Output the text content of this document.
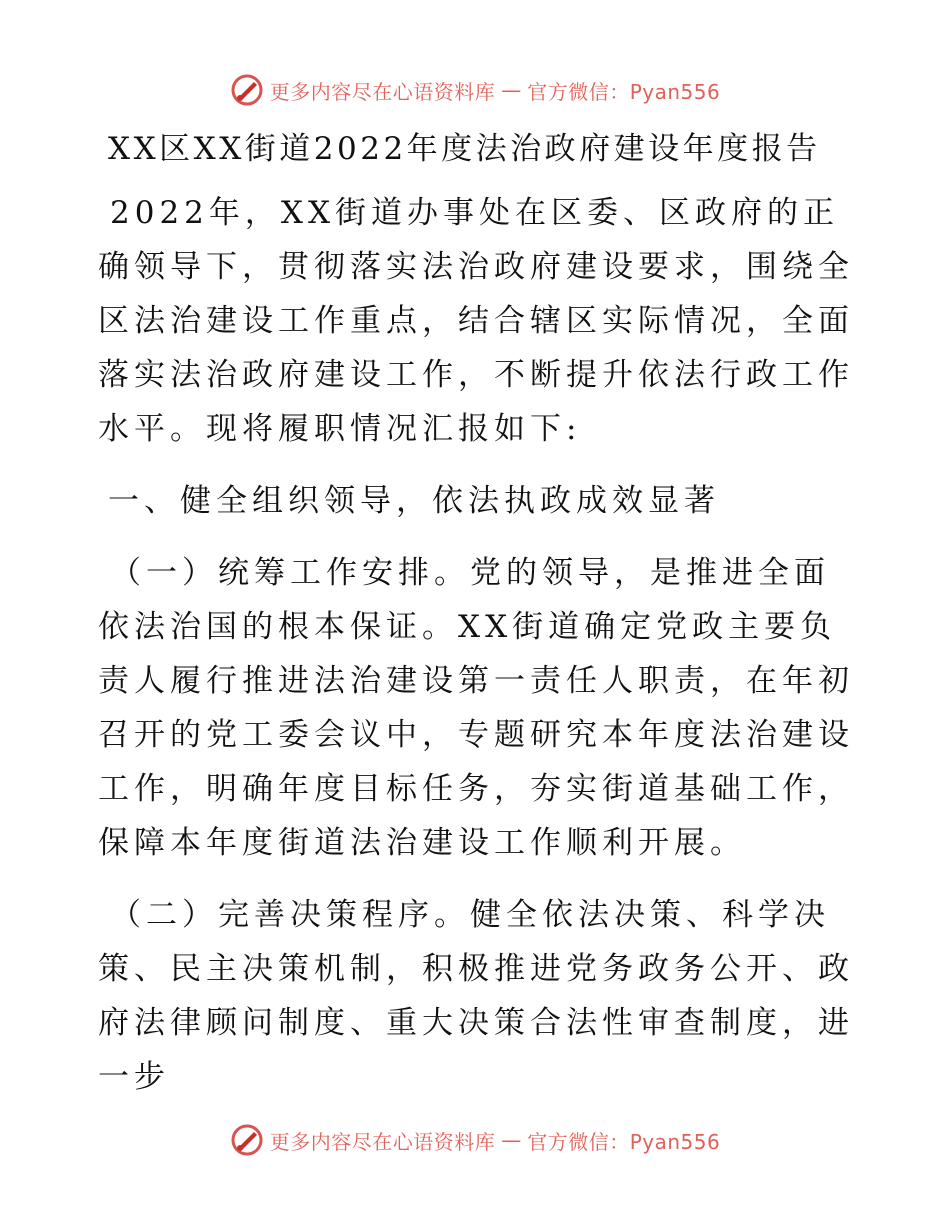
更多内容尽在心语资料库 — 官方微信：Pyan556
XX区XX街道2022年度法治政府建设年度报告

2022年，XX街道办事处在区委、区政府的正确领导下，贯彻落实法治政府建设要求，围绕全区法治建设工作重点，结合辖区实际情况，全面落实法治政府建设工作，不断提升依法行政工作水平。现将履职情况汇报如下:

一、健全组织领导，依法执政成效显著

（一）统筹工作安排。党的领导，是推进全面依法治国的根本保证。XX街道确定党政主要负责人履行推进法治建设第一责任人职责，在年初召开的党工委会议中，专题研究本年度法治建设工作，明确年度目标任务，夯实街道基础工作，保障本年度街道法治建设工作顺利开展。

（二）完善决策程序。健全依法决策、科学决策、民主决策机制，积极推进党务政务公开、政府法律顾问制度、重大决策合法性审查制度，进一步

更多内容尽在心语资料库 — 官方微信：Pyan556
